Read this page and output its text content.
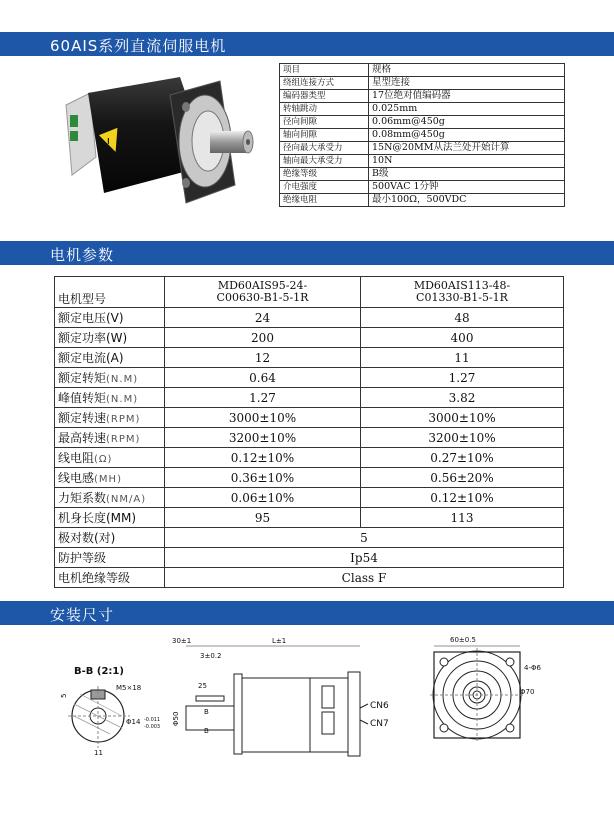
60AIS系列直流伺服电机
!
项目	规格
绕组连接方式	星型连接
编码器类型	17位绝对值编码器
转轴跳动	0.025mm
径向间隙	0.06mm@450g
轴向间隙	0.08mm@450g
径向最大承受力	15N@20MM从法兰处开始计算
轴向最大承受力	10N
绝缘等级	B级
介电强度	500VAC 1分钟
绝缘电阻	最小100Ω，500VDC
电机参数
电机型号	MD60AIS95-24-C00630-B1-5-1R	MD60AIS113-48-C01330-B1-5-1R
额定电压(V)	24	48
额定功率(W)	200	400
额定电流(A)	12	11
额定转矩(N.M)	0.64	1.27
峰值转矩(N.M)	1.27	3.82
额定转速(RPM)	3000±10%	3000±10%
最高转速(RPM)	3200±10%	3200±10%
线电阻(Ω)	0.12±10%	0.27±10%
线电感(MH)	0.36±10%	0.56±20%
力矩系数(NM/A)	0.06±10%	0.12±10%
机身长度(MM)	95	113
极对数(对)	5	
防护等级	Ip54	
电机绝缘等级	Class F	
安装尺寸
B-B (2:1)
5
M5×18
Φ14 -0.011
-0.003
11
30±1
3±0.2
L±1
25
Φ50	B
B
CN6
CN7
60±0.5
4-Φ6
Φ70
